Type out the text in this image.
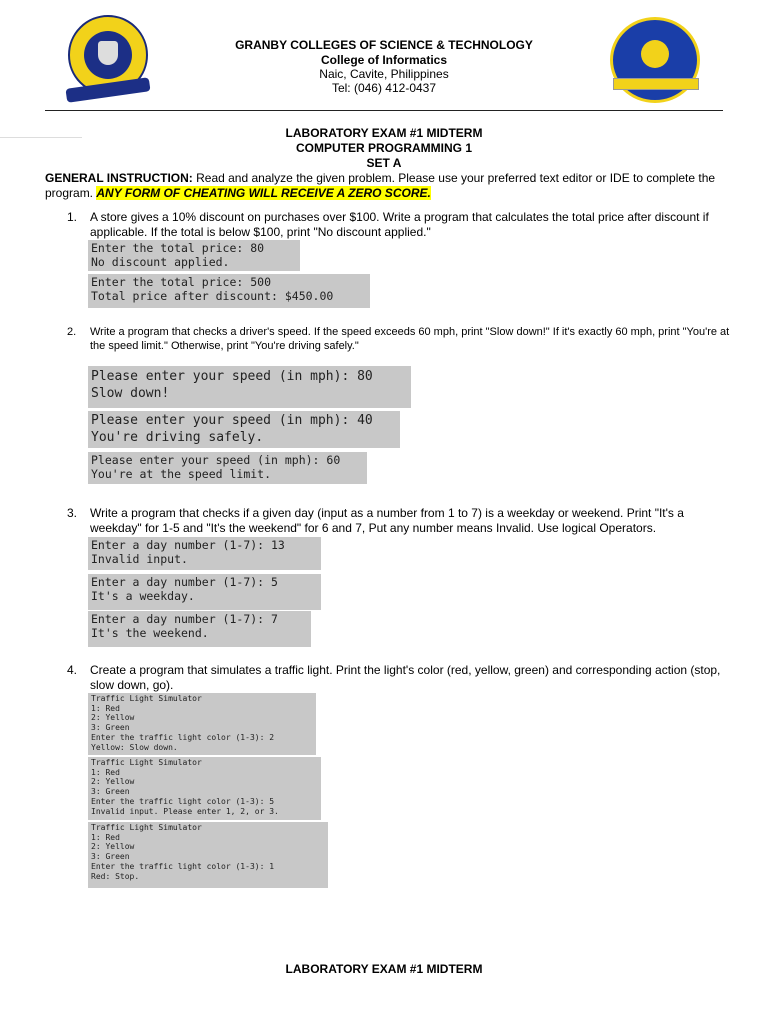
GRANBY COLLEGES OF SCIENCE & TECHNOLOGY
College of Informatics
Naic, Cavite, Philippines
Tel: (046) 412-0437
LABORATORY EXAM #1 MIDTERM
COMPUTER PROGRAMMING 1
SET A
GENERAL INSTRUCTION: Read and analyze the given problem. Please use your preferred text editor or IDE to complete the program. ANY FORM OF CHEATING WILL RECEIVE A ZERO SCORE.
1. A store gives a 10% discount on purchases over $100. Write a program that calculates the total price after discount if applicable. If the total is below $100, print "No discount applied."
Enter the total price: 80
No discount applied.
Enter the total price: 500
Total price after discount: $450.00
2. Write a program that checks a driver's speed. If the speed exceeds 60 mph, print "Slow down!" If it's exactly 60 mph, print "You're at the speed limit." Otherwise, print "You're driving safely."
Please enter your speed (in mph): 80
Slow down!
Please enter your speed (in mph): 40
You're driving safely.
Please enter your speed (in mph): 60
You're at the speed limit.
3. Write a program that checks if a given day (input as a number from 1 to 7) is a weekday or weekend. Print "It's a weekday" for 1-5 and "It's the weekend" for 6 and 7, Put any number means Invalid. Use logical Operators.
Enter a day number (1-7): 13
Invalid input.
Enter a day number (1-7): 5
It's a weekday.
Enter a day number (1-7): 7
It's the weekend.
4. Create a program that simulates a traffic light. Print the light's color (red, yellow, green) and corresponding action (stop, slow down, go).
Traffic Light Simulator
1: Red
2: Yellow
3: Green
Enter the traffic light color (1-3): 2
Yellow: Slow down.
Traffic Light Simulator
1: Red
2: Yellow
3: Green
Enter the traffic light color (1-3): 5
Invalid input. Please enter 1, 2, or 3.
Traffic Light Simulator
1: Red
2: Yellow
3: Green
Enter the traffic light color (1-3): 1
Red: Stop.
LABORATORY EXAM #1 MIDTERM
